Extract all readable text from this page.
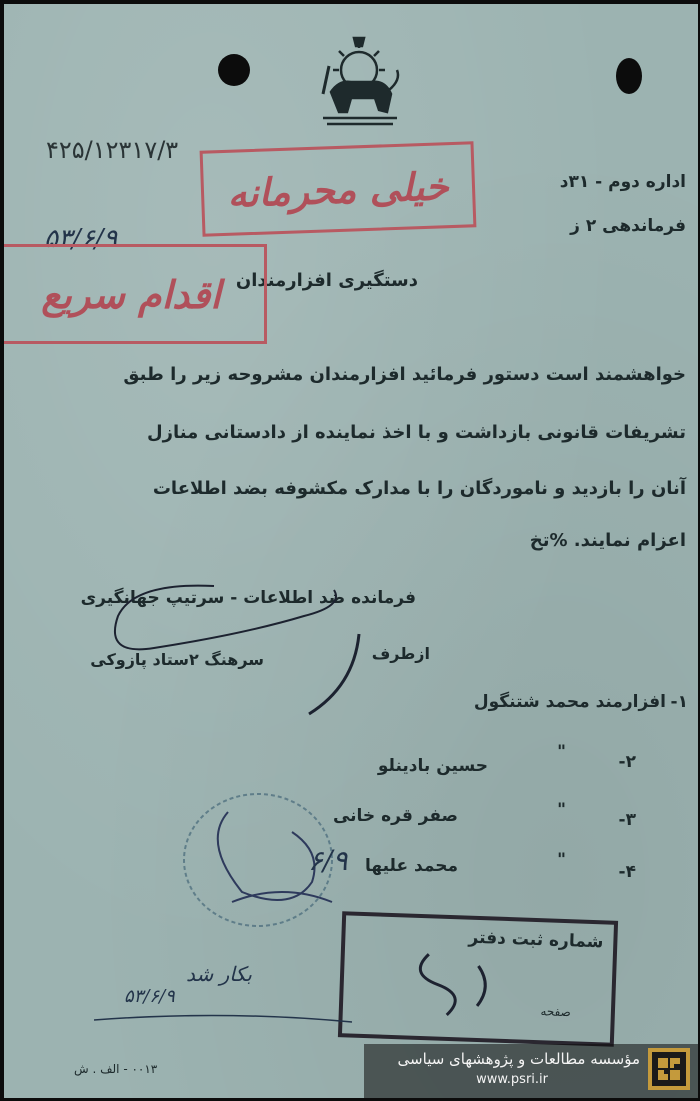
۴۲۵/۱۲۳۱۷/۳
خیلی محرمانه	اداره دوم - ۳۱د
فرماندهی ۲ ز
دستگیری افزارمندان
۵۳/۶/۹
اقدام سریع
خواهشمند است دستور فرمائید افزارمندان مشروحه زیر را طبق
تشریفات قانونی بازداشت و با اخذ نماینده از دادستانی منازل
آنان را بازدید و ناموردگان را با مدارک مکشوفه بضد اطلاعات
اعزام نمایند. %تخ
فرمانده ضد اطلاعات - سرتیپ جهانگیری
ازطرف
سرهنگ ۲ستاد پازوکی
۱-
افزارمند محمد شتنگول
۲-
"
حسین بادینلو
۳-
"
صفر قره خانی
۴-
"
محمد علیها
۶/۹
شماره ثبت دفتر
صفحه
۵۳/۶/۹
بکار شد
۰۰۱۳ - الف . ش
مؤسسه مطالعات و پژوهشهای سیاسی
www.psri.ir
